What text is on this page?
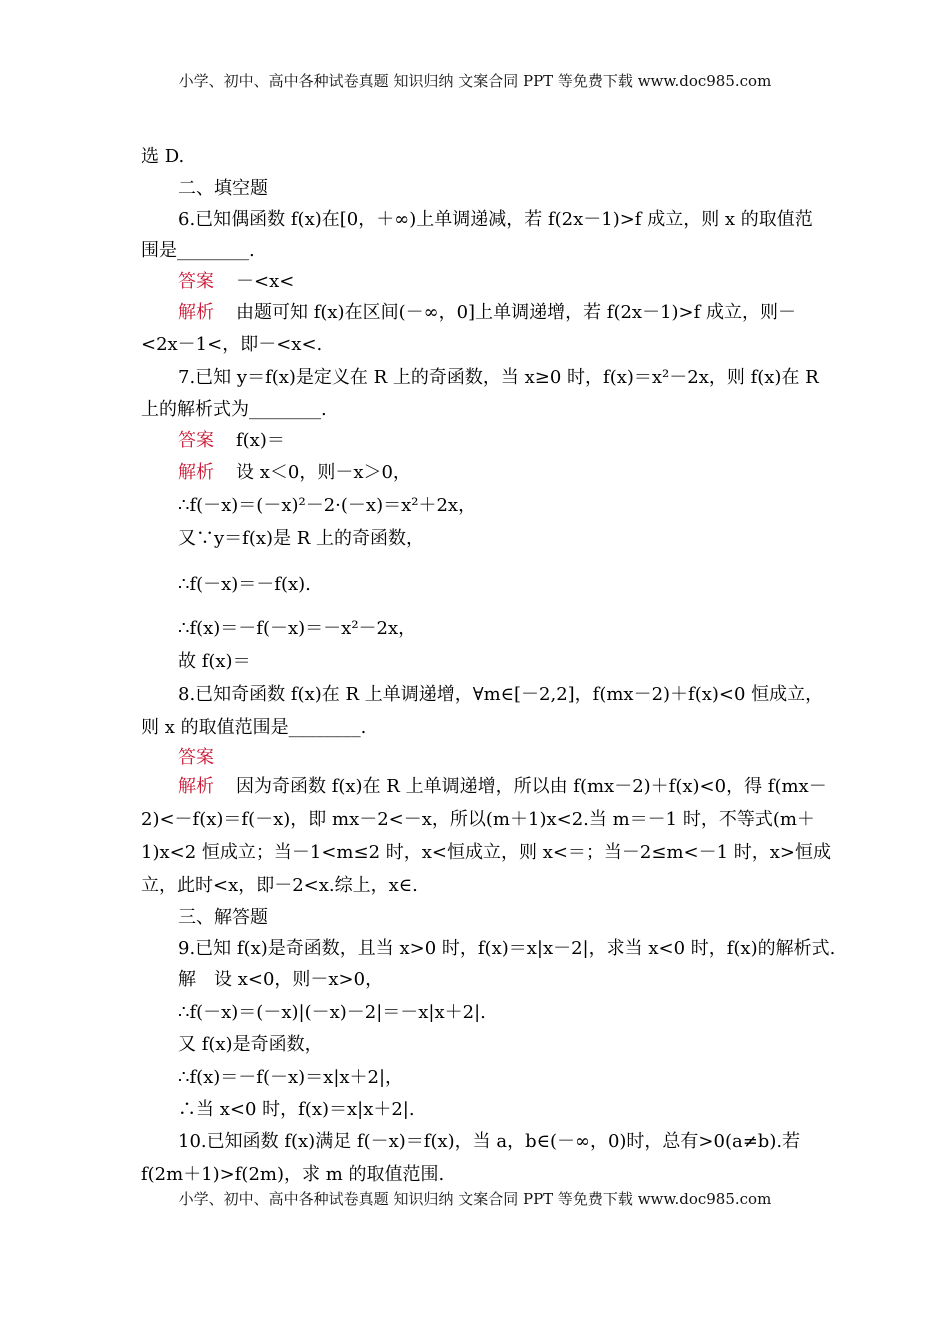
小学、初中、高中各种试卷真题 知识归纳 文案合同 PPT 等免费下载 www.doc985.com
选 D.
二、填空题
6.已知偶函数 f(x)在[0，＋∞)上单调递减，若 f(2x－1)>f 成立，则 x 的取值范
围是________.
答案 －<x<
解析 由题可知 f(x)在区间(－∞，0]上单调递增，若 f(2x－1)>f 成立，则－
<2x－1<，即－<x<.
7.已知 y＝f(x)是定义在 R 上的奇函数，当 x≥0 时，f(x)＝x²－2x，则 f(x)在 R
上的解析式为________.
答案 f(x)＝
解析 设 x＜0，则－x＞0，
∴f(－x)＝(－x)²－2·(－x)＝x²＋2x，
又∵y＝f(x)是 R 上的奇函数，
∴f(－x)＝－f(x).
∴f(x)＝－f(－x)＝－x²－2x，
故 f(x)＝
8.已知奇函数 f(x)在 R 上单调递增，∀m∈[－2,2]，f(mx－2)＋f(x)<0 恒成立，
则 x 的取值范围是________.
答案
解析 因为奇函数 f(x)在 R 上单调递增，所以由 f(mx－2)＋f(x)<0，得 f(mx－
2)<－f(x)＝f(－x)，即 mx－2<－x，所以(m＋1)x<2.当 m＝－1 时，不等式(m＋
1)x<2 恒成立；当－1<m≤2 时，x<恒成立，则 x<＝；当－2≤m<－1 时，x>恒成
立，此时<x，即－2<x.综上，x∈.
三、解答题
9.已知 f(x)是奇函数，且当 x>0 时，f(x)＝x|x－2|，求当 x<0 时，f(x)的解析式.
解　设 x<0，则－x>0，
∴f(－x)＝(－x)|(－x)－2|＝－x|x＋2|.
又 f(x)是奇函数，
∴f(x)＝－f(－x)＝x|x＋2|，
∴当 x<0 时，f(x)＝x|x＋2|.
10.已知函数 f(x)满足 f(－x)＝f(x)，当 a，b∈(－∞，0)时，总有>0(a≠b).若
f(2m＋1)>f(2m)，求 m 的取值范围.
小学、初中、高中各种试卷真题 知识归纳 文案合同 PPT 等免费下载 www.doc985.com
